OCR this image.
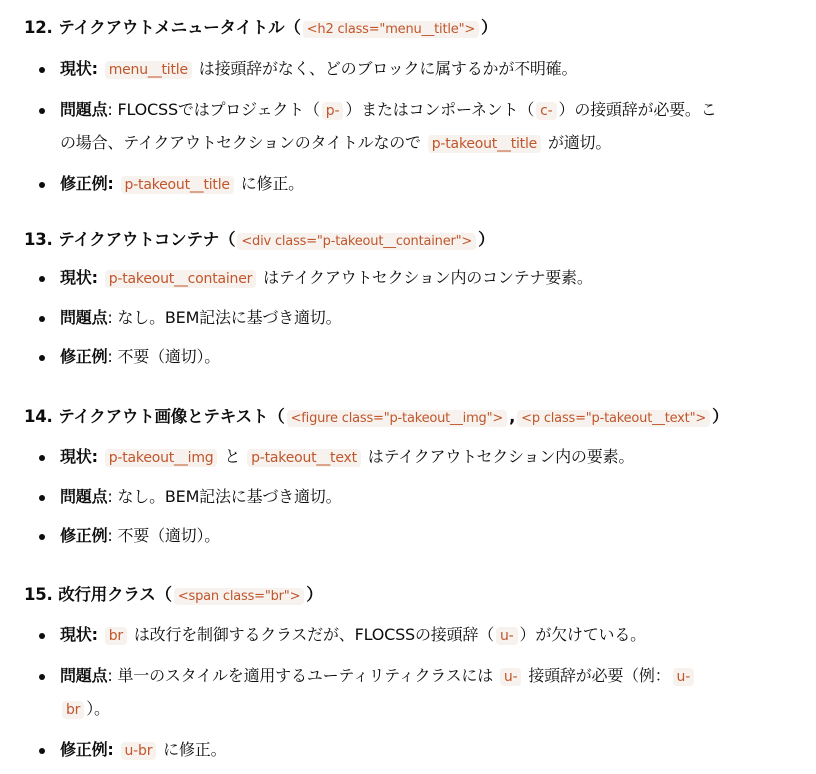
12. テイクアウトメニュータイトル（ <h2 class="menu__title"> ）
現状: menu__title は接頭辞がなく、どのブロックに属するかが不明確。
問題点: FLOCSSではプロジェクト（ p- ）またはコンポーネント（ c- ）の接頭辞が必要。こ
の場合、テイクアウトセクションのタイトルなので p-takeout__title が適切。
修正例: p-takeout__title に修正。
13. テイクアウトコンテナ（ <div class="p-takeout__container"> ）
現状: p-takeout__container はテイクアウトセクション内のコンテナ要素。
問題点: なし。BEM記法に基づき適切。
修正例: 不要（適切）。
14. テイクアウト画像とテキスト（ <figure class="p-takeout__img"> , <p class="p-takeout__text"> ）
現状: p-takeout__img と p-takeout__text はテイクアウトセクション内の要素。
問題点: なし。BEM記法に基づき適切。
修正例: 不要（適切）。
15. 改行用クラス（ <span class="br"> ）
現状: br は改行を制御するクラスだが、FLOCSSの接頭辞（ u- ）が欠けている。
問題点: 単一のスタイルを適用するユーティリティクラスには u- 接頭辞が必要（例： u-
br ）。
修正例: u-br に修正。
